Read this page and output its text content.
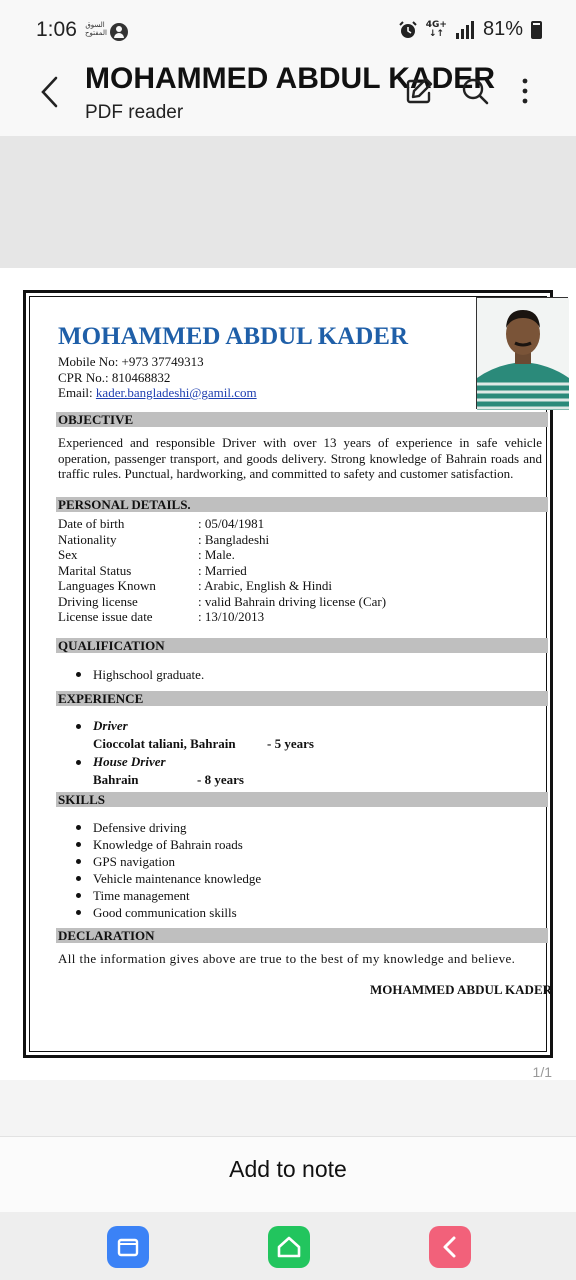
1:06 السوق المفتوح
4G+
↓↑ 81%
MOHAMMED ABDUL KADER
PDF reader
MOHAMMED ABDUL KADER
Mobile No: +973 37749313
CPR No.: 810468832
Email: kader.bangladeshi@gamil.com
OBJECTIVE
Experienced and responsible Driver with over 13 years of experience in safe vehicle operation, passenger transport, and goods delivery. Strong knowledge of Bahrain roads and traffic rules. Punctual, hardworking, and committed to safety and customer satisfaction.
PERSONAL DETAILS.
Date of birth	: 05/04/1981
Nationality	: Bangladeshi
Sex	: Male.
Marital Status	: Married
Languages Known	: Arabic, English & Hindi
Driving license	: valid Bahrain driving license (Car)
License issue date	: 13/10/2013
QUALIFICATION
Highschool graduate.
EXPERIENCE
Driver
Cioccolat taliani, Bahrain	- 5 years
House Driver
Bahrain	- 8 years
SKILLS
Defensive driving
Knowledge of Bahrain roads
GPS navigation
Vehicle maintenance knowledge
Time management
Good communication skills
DECLARATION
All the information gives above are true to the best of my knowledge and believe.
MOHAMMED ABDUL KADER
1/1
Add to note
